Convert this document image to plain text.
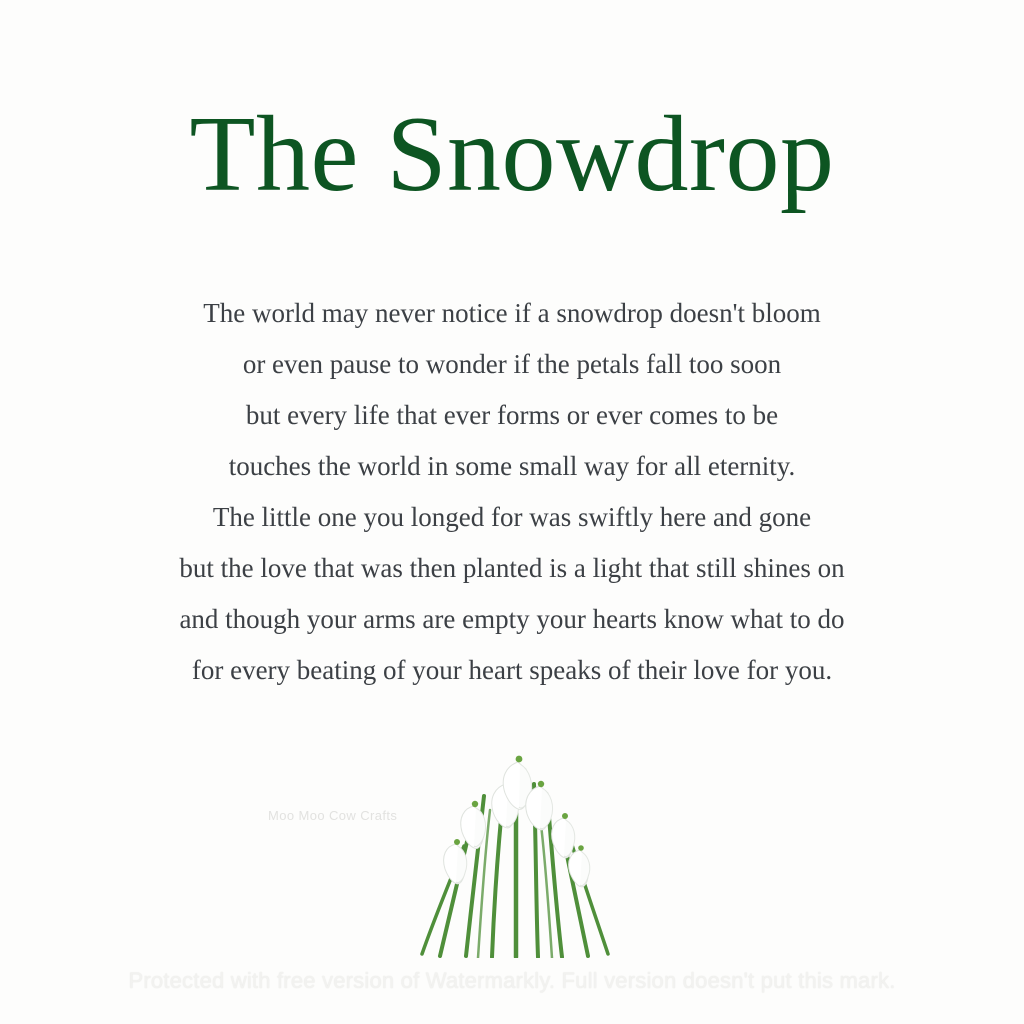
The Snowdrop
The world may never notice if a snowdrop doesn't bloom
or even pause to wonder if the petals fall too soon
but every life that ever forms or ever comes to be
touches the world in some small way for all eternity.
The little one you longed for was swiftly here and gone
but the love that was then planted is a light that still shines on
and though your arms are empty your hearts know what to do
for every beating of your heart speaks of their love for you.
Moo Moo Cow Crafts
Protected with free version of Watermarkly. Full version doesn't put this mark.
